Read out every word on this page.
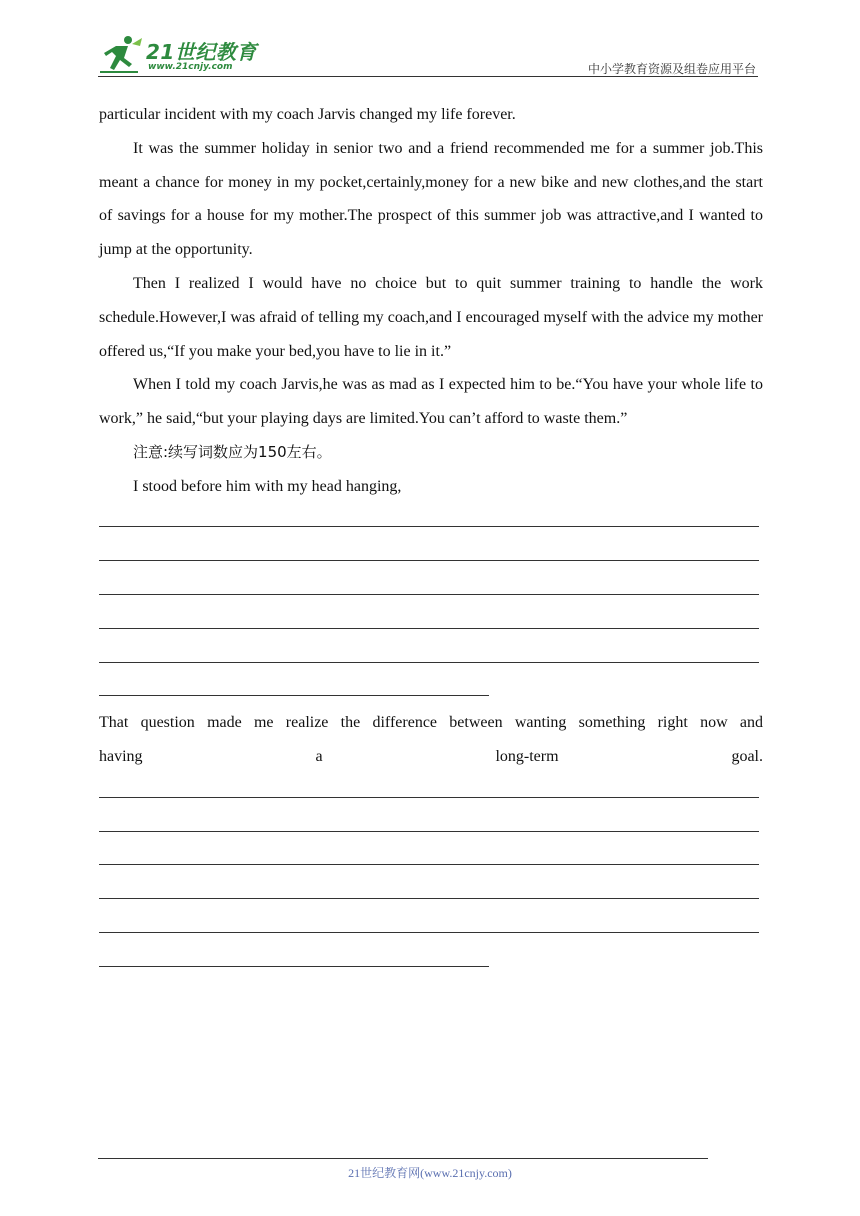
21世纪教育
www.21cnjy.com	中小学教育资源及组卷应用平台

particular incident with my coach Jarvis changed my life forever.

It was the summer holiday in senior two and a friend recommended me for a summer job.This meant a chance for money in my pocket,certainly,money for a new bike and new clothes,and the start of savings for a house for my mother.The prospect of this summer job was attractive,and I wanted to jump at the opportunity.

Then I realized I would have no choice but to quit summer training to handle the work schedule.However,I was afraid of telling my coach,and I encouraged myself with the advice my mother offered us,“If you make your bed,you have to lie in it.”

When I told my coach Jarvis,he was as mad as I expected him to be.“You have your whole life to work,” he said,“but your playing days are limited.You can’t afford to waste them.”

注意:续写词数应为150左右。

I stood before him with my head hanging,

That question made me realize the difference between wanting something right now and

having a long-term goal.

21世纪教育网(www.21cnjy.com)
